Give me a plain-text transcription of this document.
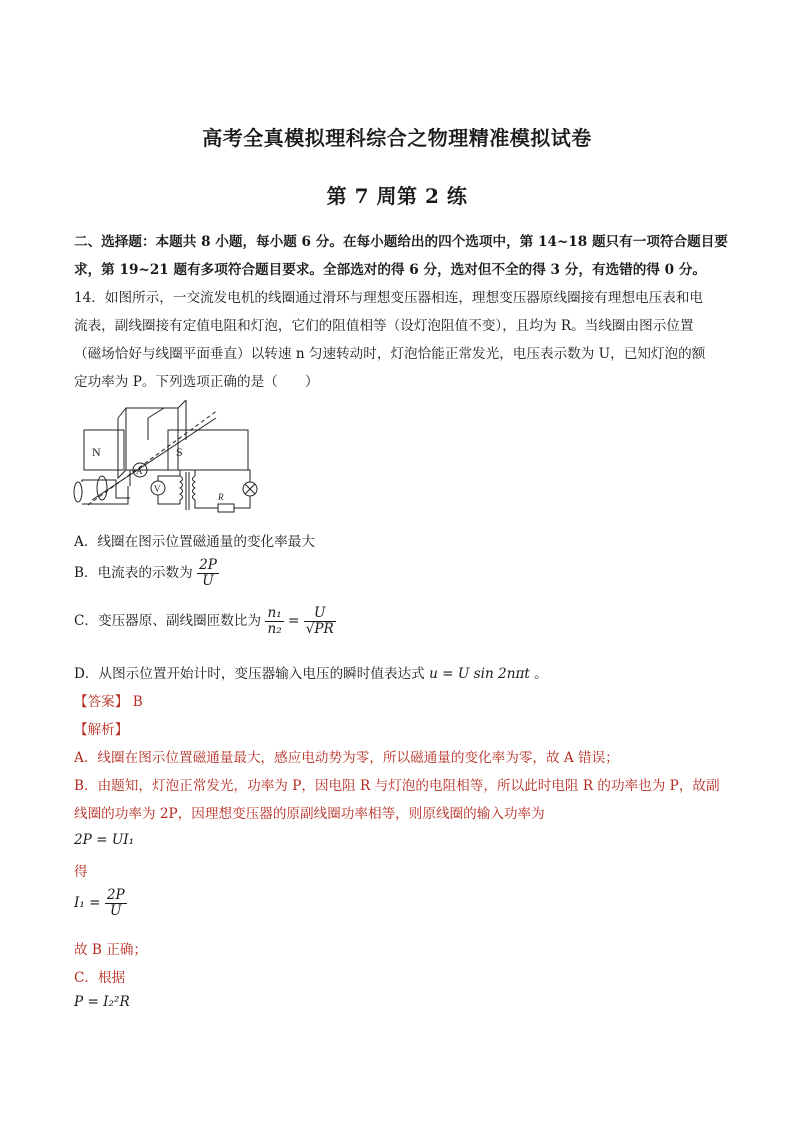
高考全真模拟理科综合之物理精准模拟试卷
第 7 周第 2 练
二、选择题：本题共 8 小题，每小题 6 分。在每小题给出的四个选项中，第 14~18 题只有一项符合题目要
求，第 19~21 题有多项符合题目要求。全部选对的得 6 分，选对但不全的得 3 分，有选错的得 0 分。
14．如图所示，一交流发电机的线圈通过滑环与理想变压器相连，理想变压器原线圈接有理想电压表和电
流表，副线圈接有定值电阻和灯泡，它们的阻值相等（设灯泡阻值不变），且均为 R。当线圈由图示位置
（磁场恰好与线圈平面垂直）以转速 n 匀速转动时，灯泡恰能正常发光，电压表示数为 U，已知灯泡的额
定功率为 P。下列选项正确的是（　　）
N	S
A
V
R
A．线圈在图示位置磁通量的变化率最大
B．电流表的示数为 $\frac{2P}{U}$
C．变压器原、副线圈匝数比为 $\frac{\text{n₁}}{\text{n₂}} = \frac{U}{√PR}$
D．从图示位置开始计时，变压器输入电压的瞬时值表达式 u = U sin 2nπt 。
【答案】 B
【解析】
A．线圈在图示位置磁通量最大，感应电动势为零，所以磁通量的变化率为零，故 A 错误；
B．由题知，灯泡正常发光，功率为 P，因电阻 R 与灯泡的电阻相等，所以此时电阻 R 的功率也为 P，故副
线圈的功率为 2P，因理想变压器的原副线圈功率相等，则原线圈的输入功率为
2P = UI₁
得
$I_1 = \frac{2P}{U}$
故 B 正确；
C．根据
P = I₂²R
